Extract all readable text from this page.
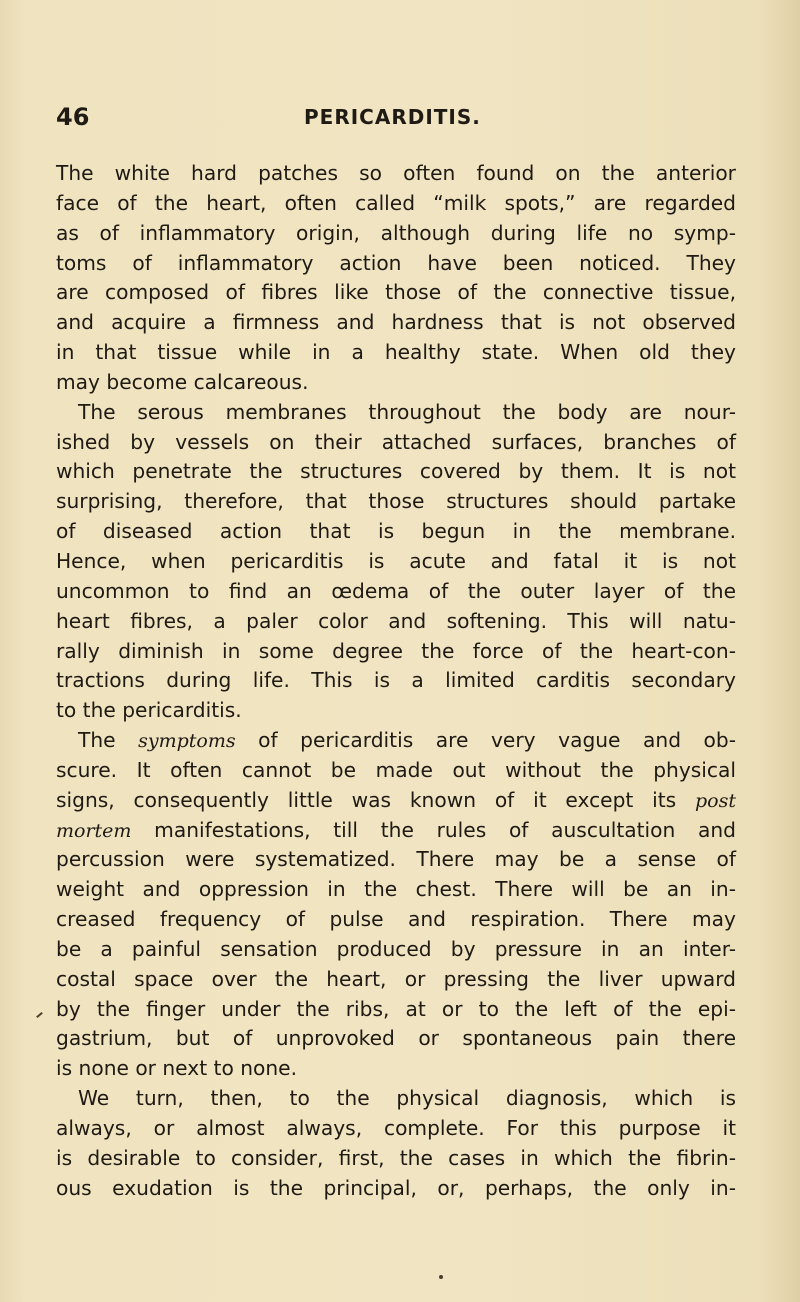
46	PERICARDITIS.
The white hard patches so often found on the anterior
face of the heart, often called “milk spots,” are regarded
as of inflammatory origin, although during life no symp-
toms of inflammatory action have been noticed. They
are composed of fibres like those of the connective tissue,
and acquire a firmness and hardness that is not observed
in that tissue while in a healthy state. When old they
may become calcareous.
The serous membranes throughout the body are nour-
ished by vessels on their attached surfaces, branches of
which penetrate the structures covered by them. It is not
surprising, therefore, that those structures should partake
of diseased action that is begun in the membrane.
Hence, when pericarditis is acute and fatal it is not
uncommon to find an œdema of the outer layer of the
heart fibres, a paler color and softening. This will natu-
rally diminish in some degree the force of the heart-con-
tractions during life. This is a limited carditis secondary
to the pericarditis.
The symptoms of pericarditis are very vague and ob-
scure. It often cannot be made out without the physical
signs, consequently little was known of it except its post
mortem manifestations, till the rules of auscultation and
percussion were systematized. There may be a sense of
weight and oppression in the chest. There will be an in-
creased frequency of pulse and respiration. There may
be a painful sensation produced by pressure in an inter-
costal space over the heart, or pressing the liver upward
by the finger under the ribs, at or to the left of the epi-
gastrium, but of unprovoked or spontaneous pain there
is none or next to none.
We turn, then, to the physical diagnosis, which is
always, or almost always, complete. For this purpose it
is desirable to consider, first, the cases in which the fibrin-
ous exudation is the principal, or, perhaps, the only in-
